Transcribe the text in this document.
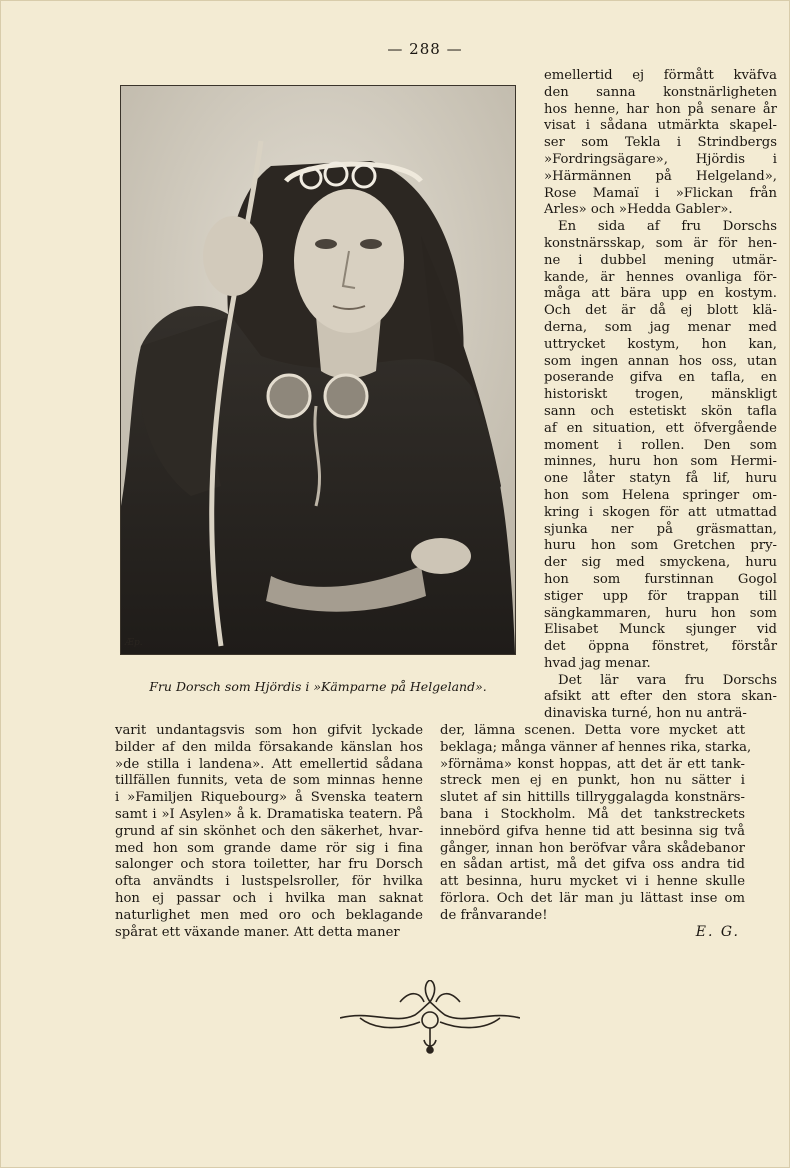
— 288 —
Æp.
Fru Dorsch som Hjördis i »Kämparne på Helgeland».
emellertid ej förmått kväfva
den sanna konstnärligheten
hos henne, har hon på senare år
visat i sådana utmärkta skapel-
ser som Tekla i Strindbergs
»Fordringsägare», Hjördis i
»Härmännen på Helgeland»,
Rose Mamaï i »Flickan från
Arles» och »Hedda Gabler».
En sida af fru Dorschs
konstnärsskap, som är för hen-
ne i dubbel mening utmär-
kande, är hennes ovanliga för-
måga att bära upp en kostym.
Och det är då ej blott klä-
derna, som jag menar med
uttrycket kostym, hon kan,
som ingen annan hos oss, utan
poserande gifva en tafla, en
historiskt trogen, mänskligt
sann och estetiskt skön tafla
af en situation, ett öfvergående
moment i rollen. Den som
minnes, huru hon som Hermi-
one låter statyn få lif, huru
hon som Helena springer om-
kring i skogen för att utmattad
sjunka ner på gräsmattan,
huru hon som Gretchen pry-
der sig med smyckena, huru
hon som furstinnan Gogol
stiger upp för trappan till
sängkammaren, huru hon som
Elisabet Munck sjunger vid
det öppna fönstret, förstår
hvad jag menar.
Det lär vara fru Dorschs
afsikt att efter den stora skan-
dinaviska turné, hon nu anträ-
varit undantagsvis som hon gifvit lyckade
bilder af den milda försakande känslan hos
»de stilla i landena». Att emellertid sådana
tillfällen funnits, veta de som minnas henne
i »Familjen Riquebourg» å Svenska teatern
samt i »I Asylen» å k. Dramatiska teatern. På
grund af sin skönhet och den säkerhet, hvar-
med hon som grande dame rör sig i fina
salonger och stora toiletter, har fru Dorsch
ofta användts i lustspelsroller, för hvilka
hon ej passar och i hvilka man saknat
naturlighet men med oro och beklagande
spårat ett växande maner. Att detta maner
der, lämna scenen. Detta vore mycket att
beklaga; många vänner af hennes rika, starka,
»förnäma» konst hoppas, att det är ett tank-
streck men ej en punkt, hon nu sätter i
slutet af sin hittills tillryggalagda konstnärs-
bana i Stockholm. Må det tankstreckets
innebörd gifva henne tid att besinna sig två
gånger, innan hon beröfvar våra skådebanor
en sådan artist, må det gifva oss andra tid
att besinna, huru mycket vi i henne skulle
förlora. Och det lär man ju lättast inse om
de frånvarande!
E. G.
